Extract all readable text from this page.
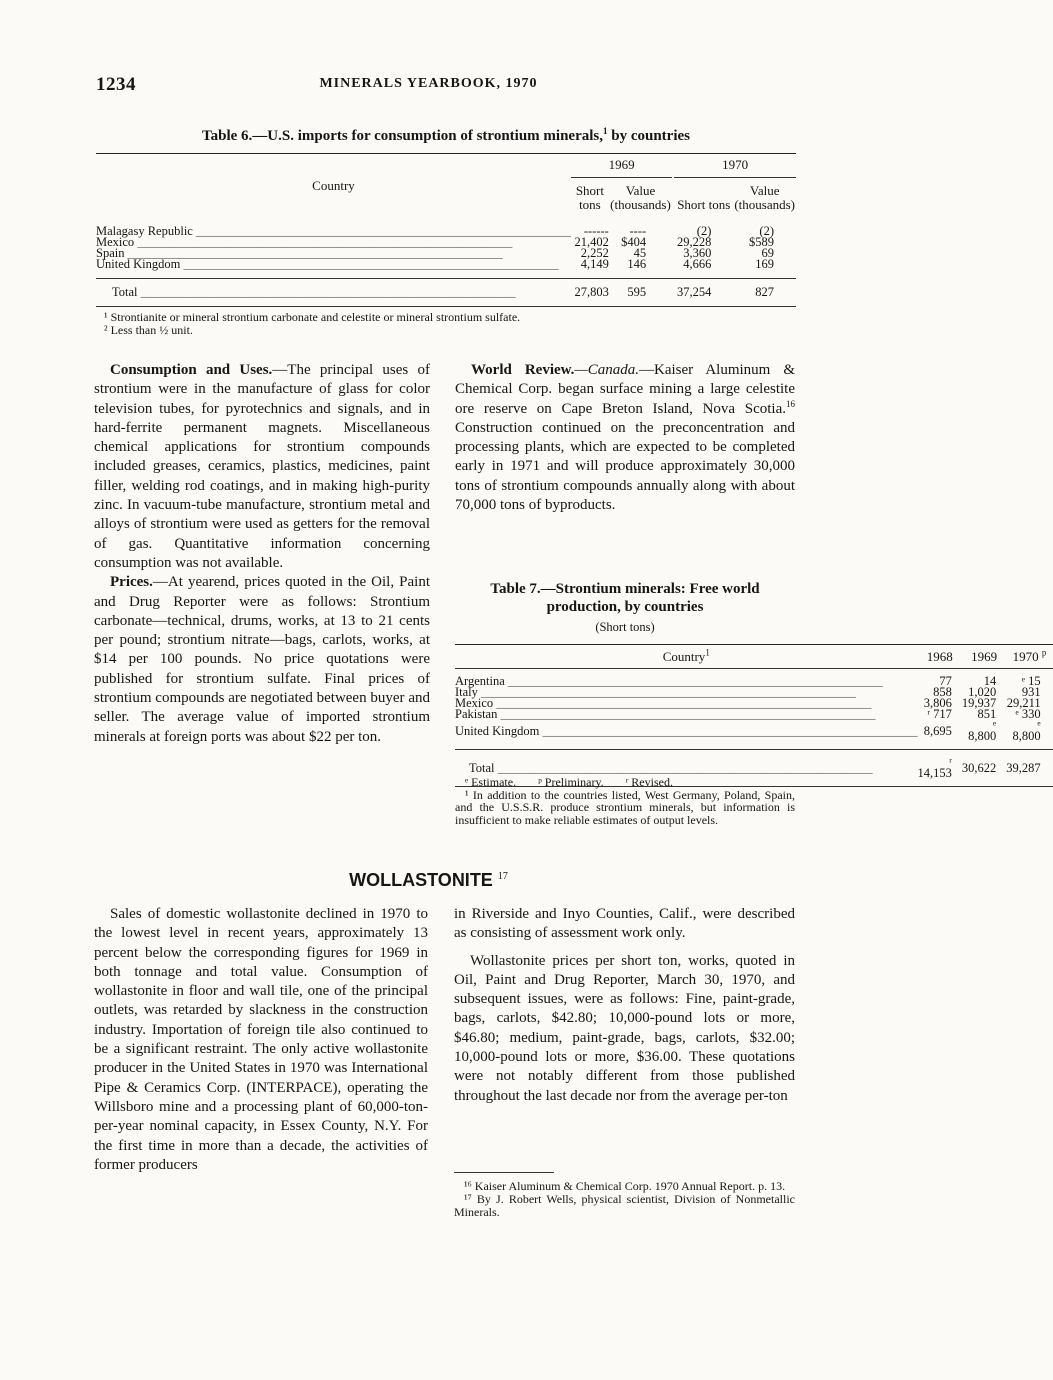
1234	MINERALS YEARBOOK, 1970
Table 6.—U.S. imports for consumption of strontium minerals,$^1$ by countries
Country	1969			1970	
	Short tons	Value (thousands)		Short tons	Value (thousands)
Malagasy Republic ____________________________________________________________	------	----		(2)	(2)
Mexico ____________________________________________________________	21,402	$404		29,228	$589
Spain ____________________________________________________________	2,252	45		3,360	69
United Kingdom ____________________________________________________________	4,149	146		4,666	169
Total ____________________________________________________________	27,803	595		37,254	827
¹ Strontianite or mineral strontium carbonate and celestite or mineral strontium sulfate.
² Less than ½ unit.

Consumption and Uses.—The principal uses of strontium were in the manufacture of glass for color television tubes, for pyrotechnics and signals, and in hard-ferrite permanent magnets. Miscellaneous chemical applications for strontium compounds included greases, ceramics, plastics, medicines, paint filler, welding rod coatings, and in making high-purity zinc. In vacuum-tube manufacture, strontium metal and alloys of strontium were used as getters for the removal of gas. Quantitative information concerning consumption was not available.

Prices.—At yearend, prices quoted in the Oil, Paint and Drug Reporter were as follows: Strontium carbonate—technical, drums, works, at 13 to 21 cents per pound; strontium nitrate—bags, carlots, works, at $14 per 100 pounds. No price quotations were published for strontium sulfate. Final prices of strontium compounds are negotiated between buyer and seller. The average value of imported strontium minerals at foreign ports was about $22 per ton.

World Review.—Canada.—Kaiser Aluminum & Chemical Corp. began surface mining a large celestite ore reserve on Cape Breton Island, Nova Scotia.$^{16}$ Construction continued on the preconcentration and processing plants, which are expected to be completed early in 1971 and will produce approximately 30,000 tons of strontium compounds annually along with about 70,000 tons of byproducts.

Table 7.—Strontium minerals: Free world production, by countries
(Short tons)
Country$^1$	1968	1969	1970 $^p$
Argentina ____________________________________________________________	77	14	ᵉ 15
Italy ____________________________________________________________	858	1,020	931
Mexico ____________________________________________________________	3,806	19,937	29,211
Pakistan ____________________________________________________________	ʳ 717	851	ᵉ 330
United Kingdom ____________________________________________________________	8,695	ᵉ 8,800	ᵉ 8,800
Total ____________________________________________________________	ʳ 14,153	30,622	39,287
ᵉ Estimate. ᵖ Preliminary. ʳ Revised.
¹ In addition to the countries listed, West Germany, Poland, Spain, and the U.S.S.R. produce strontium minerals, but information is insufficient to make reliable estimates of output levels.
WOLLASTONITE $^{17}$

Sales of domestic wollastonite declined in 1970 to the lowest level in recent years, approximately 13 percent below the corresponding figures for 1969 in both tonnage and total value. Consumption of wollastonite in floor and wall tile, one of the principal outlets, was retarded by slackness in the construction industry. Importation of foreign tile also continued to be a significant restraint. The only active wollastonite producer in the United States in 1970 was International Pipe & Ceramics Corp. (INTERPACE), operating the Willsboro mine and a processing plant of 60,000-ton-per-year nominal capacity, in Essex County, N.Y. For the first time in more than a decade, the activities of former producers

in Riverside and Inyo Counties, Calif., were described as consisting of assessment work only.

Wollastonite prices per short ton, works, quoted in Oil, Paint and Drug Reporter, March 30, 1970, and subsequent issues, were as follows: Fine, paint-grade, bags, carlots, $42.80; 10,000-pound lots or more, $46.80; medium, paint-grade, bags, carlots, $32.00; 10,000-pound lots or more, $36.00. These quotations were not notably different from those published throughout the last decade nor from the average per-ton

¹⁶ Kaiser Aluminum & Chemical Corp. 1970 Annual Report. p. 13.
¹⁷ By J. Robert Wells, physical scientist, Division of Nonmetallic Minerals.
